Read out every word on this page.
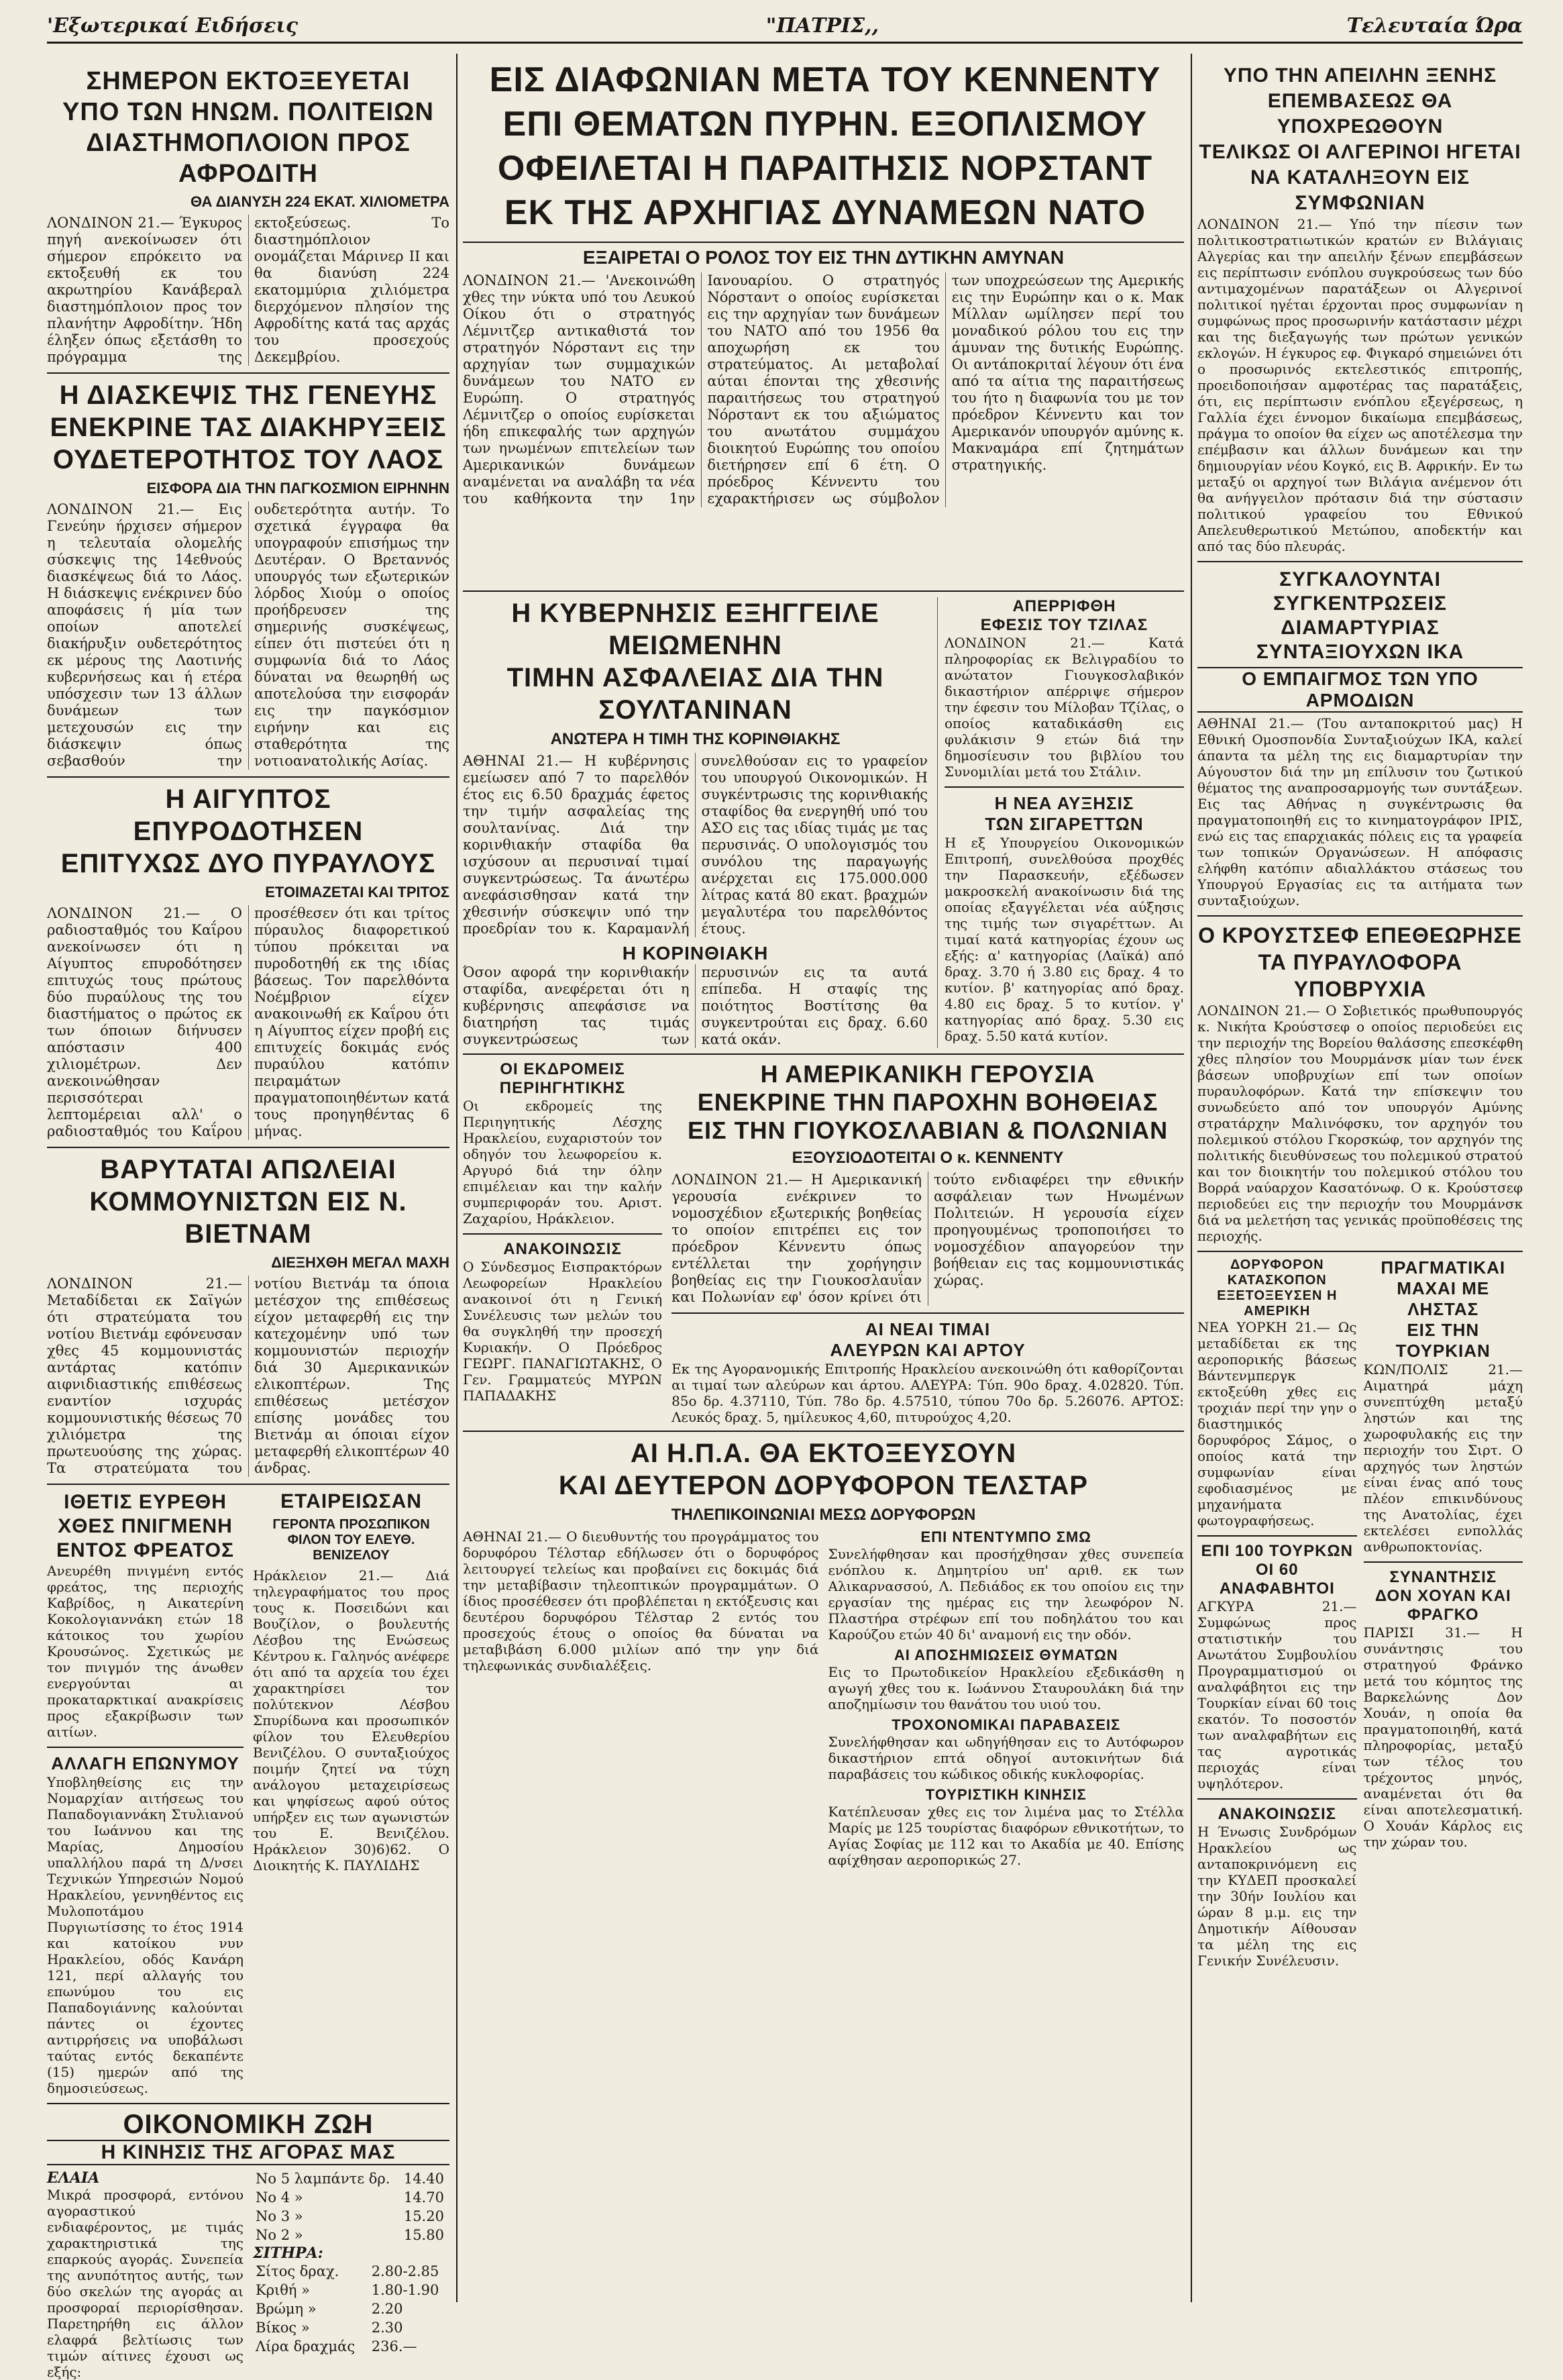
'Εξωτερικαί Ειδήσεις	"ΠΑΤΡΙΣ,,	Τελευταία Ώρα
ΣΗΜΕΡΟΝ ΕΚΤΟΞΕΥΕΤΑΙ
ΥΠΟ ΤΩΝ ΗΝΩΜ. ΠΟΛΙΤΕΙΩΝ
ΔΙΑΣΤΗΜΟΠΛΟΙΟΝ ΠΡΟΣ ΑΦΡΟΔΙΤΗ
ΘΑ ΔΙΑΝΥΣΗ 224 ΕΚΑΤ. ΧΙΛΙΟΜΕΤΡΑ
ΛΟΝΔΙΝΟΝ 21.— Έγκυρος πηγή ανεκοίνωσεν ότι σήμερον επρόκειτο να εκτοξευθή εκ του ακρωτηρίου Κανάβεραλ διαστημόπλοιον προς τον πλανήτην Αφροδίτην. Ήδη έληξεν όπως εξετάσθη το πρόγραμμα της εκτοξεύσεως. Το διαστημόπλοιον ονομάζεται Μάρινερ ΙΙ και θα διανύση 224 εκατομμύρια χιλιόμετρα διερχόμενον πλησίον της Αφροδίτης κατά τας αρχάς του προσεχούς Δεκεμβρίου.
Η ΔΙΑΣΚΕΨΙΣ ΤΗΣ ΓΕΝΕΥΗΣ
ΕΝΕΚΡΙΝΕ ΤΑΣ ΔΙΑΚΗΡΥΞΕΙΣ
ΟΥΔΕΤΕΡΟΤΗΤΟΣ ΤΟΥ ΛΑΟΣ
ΕΙΣΦΟΡΑ ΔΙΑ ΤΗΝ ΠΑΓΚΟΣΜΙΟΝ ΕΙΡΗΝΗΝ
ΛΟΝΔΙΝΟΝ 21.— Εις Γενεύην ήρχισεν σήμερον η τελευταία ολομελής σύσκεψις της 14εθνούς διασκέψεως διά το Λάος. Η διάσκεψις ενέκρινεν δύο αποφάσεις ή μία των οποίων αποτελεί διακήρυξιν ουδετερότητος εκ μέρους της Λαοτινής κυβερνήσεως και ή ετέρα υπόσχεσιν των 13 άλλων δυνάμεων των μετεχουσών εις την διάσκεψιν όπως σεβασθούν την ουδετερότητα αυτήν. Το σχετικά έγγραφα θα υπογραφούν επισήμως την Δευτέραν. Ο Βρεταννός υπουργός των εξωτερικών λόρδος Χιούμ ο οποίος προήδρευσεν της σημερινής συσκέψεως, είπεν ότι πιστεύει ότι η συμφωνία διά το Λάος δύναται να θεωρηθή ως αποτελούσα την εισφοράν εις την παγκόσμιον ειρήνην και εις σταθερότητα της νοτιοανατολικής Ασίας.
Η ΑΙΓΥΠΤΟΣ ΕΠΥΡΟΔΟΤΗΣΕΝ
ΕΠΙΤΥΧΩΣ ΔΥΟ ΠΥΡΑΥΛΟΥΣ
ΕΤΟΙΜΑΖΕΤΑΙ ΚΑΙ ΤΡΙΤΟΣ
ΛΟΝΔΙΝΟΝ 21.— Ο ραδιοσταθμός του Καΐρου ανεκοίνωσεν ότι η Αίγυπτος επυροδότησεν επιτυχώς τους πρώτους δύο πυραύλους της του διαστήματος ο πρώτος εκ των όποιων διήνυσεν απόστασιν 400 χιλιομέτρων. Δεν ανεκοινώθησαν περισσότεραι λεπτομέρειαι αλλ' ο ραδιοσταθμός του Καΐρου προσέθεσεν ότι και τρίτος πύραυλος διαφορετικού τύπου πρόκειται να πυροδοτηθή εκ της ιδίας βάσεως. Τον παρελθόντα Νοέμβριον είχεν ανακοινωθή εκ Καΐρου ότι η Αίγυπτος είχεν προβή εις επιτυχείς δοκιμάς ενός πυραύλου κατόπιν πειραμάτων πραγματοποιηθέντων κατά τους προηγηθέντας 6 μήνας.
ΒΑΡΥΤΑΤΑΙ ΑΠΩΛΕΙΑΙ
ΚΟΜΜΟΥΝΙΣΤΩΝ ΕΙΣ Ν. ΒΙΕΤΝΑΜ
ΔΙΕΞΗΧΘΗ ΜΕΓΑΛ ΜΑΧΗ
ΛΟΝΔΙΝΟΝ 21.— Μεταδίδεται εκ Σαϊγών ότι στρατεύματα του νοτίου Βιετνάμ εφόνευσαν χθες 45 κομμουνιστάς αντάρτας κατόπιν αιφνιδιαστικής επιθέσεως εναντίον ισχυράς κομμουνιστικής θέσεως 70 χιλιόμετρα της πρωτευούσης της χώρας. Τα στρατεύματα του νοτίου Βιετνάμ τα όποια μετέσχον της επιθέσεως είχον μεταφερθή εις την κατεχομένην υπό των κομμουνιστών περιοχήν διά 30 Αμερικανικών ελικοπτέρων. Της επιθέσεως μετέσχον επίσης μονάδες του Βιετνάμ αι όποιαι είχον μεταφερθή ελικοπτέρων 40 άνδρας.
ΙΘΕΤΙΣ ΕΥΡΕΘΗ
ΧΘΕΣ ΠΝΙΓΜΕΝΗ
ΕΝΤΟΣ ΦΡΕΑΤΟΣ
Ανευρέθη πνιγμένη εντός φρεάτος, της περιοχής Καβρίδος, η Αικατερίνη Κοκολογιαννάκη ετών 18 κάτοικος του χωρίου Κρουσώνος. Σχετικώς με τον πνιγμόν της άνωθεν ενεργούνται αι προκαταρκτικαί ανακρίσεις προς εξακρίβωσιν των αιτίων.
ΑΛΛΑΓΗ ΕΠΩΝΥΜΟΥ
Υποβληθείσης εις την Νομαρχίαν αιτήσεως του Παπαδογιαννάκη Στυλιανού του Ιωάννου και της Μαρίας, Δημοσίου υπαλλήλου παρά τη Δ/νσει Τεχνικών Υπηρεσιών Νομού Ηρακλείου, γεννηθέντος εις Μυλοποτάμου Πυργιωτίσσης το έτος 1914 και κατοίκου νυν Ηρακλείου, οδός Κανάρη 121, περί αλλαγής του επωνύμου του εις Παπαδογιάννης καλούνται πάντες οι έχοντες αντιρρήσεις να υποβάλωσι ταύτας εντός δεκαπέντε (15) ημερών από της δημοσιεύσεως.
ΕΤΑΙΡΕΙΩΣΑΝ
ΓΕΡΟΝΤΑ ΠΡΟΣΩΠΙΚΟΝ ΦΙΛΟΝ ΤΟΥ ΕΛΕΥΘ. ΒΕΝΙΖΕΛΟΥ
Ηράκλειον 21.— Διά τηλεγραφήματος του προς τους κ. Ποσειδώνι και Βουζίλον, ο βουλευτής Λέσβου της Ενώσεως Κέντρου κ. Γαληνός ανέφερε ότι από τα αρχεία του έχει χαρακτηρίσει τον πολύτεκνον Λέσβου Σπυρίδωνα και προσωπικόν φίλον του Ελευθερίου Βενιζέλου. Ο συνταξιούχος ποιμήν ζητεί να τύχη ανάλογου μεταχειρίσεως και ψηφίσεως αφού ούτος υπήρξεν εις των αγωνιστών του Ε. Βενιζέλου. Ηράκλειον 30)6)62. Ο Διοικητής Κ. ΠΑΥΛΙΔΗΣ
ΟΙΚΟΝΟΜΙΚΗ ΖΩΗ
Η ΚΙΝΗΣΙΣ ΤΗΣ ΑΓΟΡΑΣ ΜΑΣ
ΕΛΑΙΑ
Μικρά προσφορά, εντόνου αγοραστικού ενδιαφέροντος, με τιμάς χαρακτηριστικά της επαρκούς αγοράς. Συνεπεία της ανυπότητος αυτής, των δύο σκελών της αγοράς αι προσφοραί περιορίσθησαν. Παρετηρήθη εις άλλον ελαφρά βελτίωσις των τιμών αίτινες έχουσι ως εξής:
Νο 5 λαμπάντε δρ.	14.40
Νο 4 »	14.70
Νο 3 »	15.20
Νο 2 »	15.80
ΣΙΤΗΡΑ:
Σίτος δραχ.	2.80-2.85
Κριθή »	1.80-1.90
Βρώμη »	2.20
Βίκος »	2.30
Λίρα δραχμάς	236.—
ΕΙΣ ΔΙΑΦΩΝΙΑΝ ΜΕΤΑ ΤΟΥ ΚΕΝΝΕΝΤΥ
ΕΠΙ ΘΕΜΑΤΩΝ ΠΥΡΗΝ. ΕΞΟΠΛΙΣΜΟΥ
ΟΦΕΙΛΕΤΑΙ Η ΠΑΡΑΙΤΗΣΙΣ ΝΟΡΣΤΑΝΤ
ΕΚ ΤΗΣ ΑΡΧΗΓΙΑΣ ΔΥΝΑΜΕΩΝ ΝΑΤΟ
ΕΞΑΙΡΕΤΑΙ Ο ΡΟΛΟΣ ΤΟΥ ΕΙΣ ΤΗΝ ΔΥΤΙΚΗΝ ΑΜΥΝΑΝ
ΛΟΝΔΙΝΟΝ 21.— 'Ανεκοινώθη χθες την νύκτα υπό του Λευκού Οίκου ότι ο στρατηγός Λέμνιτζερ αντικαθιστά τον στρατηγόν Νόρσταντ εις την αρχηγίαν των συμμαχικών δυνάμεων του ΝΑΤΟ εν Ευρώπη. Ο στρατηγός Λέμνιτζερ ο οποίος ευρίσκεται ήδη επικεφαλής των αρχηγών των ηνωμένων επιτελείων των Αμερικανικών δυνάμεων αναμένεται να αναλάβη τα νέα του καθήκοντα την 1ην Ιανουαρίου. Ο στρατηγός Νόρσταντ ο οποίος ευρίσκεται εις την αρχηγίαν των δυνάμεων του ΝΑΤΟ από του 1956 θα αποχωρήση εκ του στρατεύματος. Αι μεταβολαί αύται έπονται της χθεσινής παραιτήσεως του στρατηγού Νόρσταντ εκ του αξιώματος του ανωτάτου συμμάχου διοικητού Ευρώπης του οποίου διετήρησεν επί 6 έτη. Ο πρόεδρος Κέννεντυ του εχαρακτήρισεν ως σύμβολον των υποχρεώσεων της Αμερικής εις την Ευρώπην και ο κ. Μακ Μίλλαν ωμίλησεν περί του μοναδικού ρόλου του εις την άμυναν της δυτικής Ευρώπης. Οι αντάποκριταί λέγουν ότι ένα από τα αίτια της παραιτήσεως του ήτο η διαφωνία του με τον πρόεδρον Κέννεντυ και τον Αμερικανόν υπουργόν αμύνης κ. Μακναμάρα επί ζητημάτων στρατηγικής.
Η ΚΥΒΕΡΝΗΣΙΣ ΕΞΗΓΓΕΙΛΕ ΜΕΙΩΜΕΝΗΝ
ΤΙΜΗΝ ΑΣΦΑΛΕΙΑΣ ΔΙΑ ΤΗΝ ΣΟΥΛΤΑΝΙΝΑΝ
ΑΝΩΤΕΡΑ Η ΤΙΜΗ ΤΗΣ ΚΟΡΙΝΘΙΑΚΗΣ
ΑΘΗΝΑΙ 21.— Η κυβέρνησις εμείωσεν από 7 το παρελθόν έτος εις 6.50 δραχμάς έφετος την τιμήν ασφαλείας της σουλτανίνας. Διά την κορινθιακήν σταφίδα θα ισχύσουν αι περυσιναί τιμαί συγκεντρώσεως. Τα άνωτέρω ανεφάσισθησαν κατά την χθεσινήν σύσκεψιν υπό την προεδρίαν του κ. Καραμανλή συνελθούσαν εις το γραφείον του υπουργού Οικονομικών. Η συγκέντρωσις της κορινθιακής σταφίδος θα ενεργηθή υπό του ΑΣΟ εις τας ιδίας τιμάς με τας περυσινάς. Ο υπολογισμός του συνόλου της παραγωγής ανέρχεται εις 175.000.000 λίτρας κατά 80 εκατ. βραχμών μεγαλυτέρα του παρελθόντος έτους.
Η ΚΟΡΙΝΘΙΑΚΗ
Όσον αφορά την κορινθιακήν σταφίδα, ανεφέρεται ότι η κυβέρνησις απεφάσισε να διατηρήση τας τιμάς συγκεντρώσεως των περυσινών εις τα αυτά επίπεδα. Η σταφίς της ποιότητος Βοστίτσης θα συγκεντρούται εις δραχ. 6.60 κατά οκάν.
ΑΠΕΡΡΙΦΘΗ
ΕΦΕΣΙΣ ΤΟΥ ΤΖΙΛΑΣ
ΛΟΝΔΙΝΟΝ 21.— Κατά πληροφορίας εκ Βελιγραδίου το ανώτατον Γιουγκοσλαβικόν δικαστήριον απέρριψε σήμερον την έφεσιν του Μίλοβαν Τζίλας, ο οποίος καταδικάσθη εις φυλάκισιν 9 ετών διά την δημοσίευσιν του βιβλίου του Συνομιλίαι μετά του Στάλιν.
Η ΝΕΑ ΑΥΞΗΣΙΣ
ΤΩΝ ΣΙΓΑΡΕΤΤΩΝ
Η εξ Υπουργείου Οικονομικών Επιτροπή, συνελθούσα προχθές την Παρασκευήν, εξέδωσεν μακροσκελή ανακοίνωσιν διά της οποίας εξαγγέλεται νέα αύξησις της τιμής των σιγαρέττων. Αι τιμαί κατά κατηγορίας έχουν ως εξής: α' κατηγορίας (Λαϊκά) από δραχ. 3.70 ή 3.80 εις δραχ. 4 το κυτίον. β' κατηγορίας από δραχ. 4.80 εις δραχ. 5 το κυτίον. γ' κατηγορίας από δραχ. 5.30 εις δραχ. 5.50 κατά κυτίον.
ΟΙ ΕΚΔΡΟΜΕΙΣ
ΠΕΡΙΗΓΗΤΙΚΗΣ
Οι εκδρομείς της Περιηγητικής Λέσχης Ηρακλείου, ευχαριστούν τον οδηγόν του λεωφορείου κ. Αργυρό διά την όλην επιμέλειαν και την καλήν συμπεριφοράν του. Αριστ. Ζαχαρίου, Ηράκλειον.
ΑΝΑΚΟΙΝΩΣΙΣ
Ο Σύνδεσμος Εισπρακτόρων Λεωφορείων Ηρακλείου ανακοινοί ότι η Γενική Συνέλευσις των μελών του θα συγκληθή την προσεχή Κυριακήν. Ο Πρόεδρος ΓΕΩΡΓ. ΠΑΝΑΓΙΩΤΑΚΗΣ, Ο Γεν. Γραμματεύς ΜΥΡΩΝ ΠΑΠΑΔΑΚΗΣ
Η ΑΜΕΡΙΚΑΝΙΚΗ ΓΕΡΟΥΣΙΑ
ΕΝΕΚΡΙΝΕ ΤΗΝ ΠΑΡΟΧΗΝ ΒΟΗΘΕΙΑΣ
ΕΙΣ ΤΗΝ ΓΙΟΥΚΟΣΛΑΒΙΑΝ & ΠΟΛΩΝΙΑΝ
ΕΞΟΥΣΙΟΔΟΤΕΙΤΑΙ Ο κ. ΚΕΝΝΕΝΤΥ
ΛΟΝΔΙΝΟΝ 21.— Η Αμερικανική γερουσία ενέκρινεν το νομοσχέδιον εξωτερικής βοηθείας το οποίον επιτρέπει εις τον πρόεδρον Κέννεντυ όπως εντέλλεται την χορήγησιν βοηθείας εις την Γιουκοσλαυΐαν και Πολωνίαν εφ' όσον κρίνει ότι τούτο ενδιαφέρει την εθνικήν ασφάλειαν των Ηνωμένων Πολιτειών. Η γερουσία είχεν προηγουμένως τροποποιήσει το νομοσχέδιον απαγορεύον την βοήθειαν εις τας κομμουνιστικάς χώρας.
ΑΙ ΝΕΑΙ ΤΙΜΑΙ
ΑΛΕΥΡΩΝ ΚΑΙ ΑΡΤΟΥ
Εκ της Αγορανομικής Επιτροπής Ηρακλείου ανεκοινώθη ότι καθορίζονται αι τιμαί των αλεύρων και άρτου. ΑΛΕΥΡΑ: Τύπ. 90ο δραχ. 4.02820. Τύπ. 85ο δρ. 4.37110, Τύπ. 78ο δρ. 4.57510, τύπου 70ο δρ. 5.26076. ΑΡΤΟΣ: Λευκός δραχ. 5, ημίλευκος 4,60, πιτυρούχος 4,20.
ΑΙ Η.Π.Α. ΘΑ ΕΚΤΟΞΕΥΣΟΥΝ
ΚΑΙ ΔΕΥΤΕΡΟΝ ΔΟΡΥΦΟΡΟΝ ΤΕΛΣΤΑΡ
ΤΗΛΕΠΙΚΟΙΝΩΝΙΑΙ ΜΕΣΩ ΔΟΡΥΦΟΡΩΝ
ΑΘΗΝΑΙ 21.— Ο διευθυντής του προγράμματος του δορυφόρου Τέλσταρ εδήλωσεν ότι ο δορυφόρος λειτουργεί τελείως και προβαίνει εις δοκιμάς διά την μεταβίβασιν τηλεοπτικών προγραμμάτων. Ο ίδιος προσέθεσεν ότι προβλέπεται η εκτόξευσις και δευτέρου δορυφόρου Τέλσταρ 2 εντός του προσεχούς έτους ο οποίος θα δύναται να μεταβιβάση 6.000 μιλίων από την γην διά τηλεφωνικάς συνδιαλέξεις.
ΕΠΙ ΝΤΕΝΤΥΜΠΟ ΣΜΩ
Συνελήφθησαν και προσήχθησαν χθες συνεπεία ενόπλου κ. Δημητρίου υπ' αριθ. εκ των Αλικαρνασσού, Λ. Πεδιάδος εκ του οποίου εις την εργασίαν της ημέρας εις την λεωφόρον Ν. Πλαστήρα στρέφων επί του ποδηλάτου του και Καρούζου ετών 40 δι' αναμονή εις την οδόν.
ΑΙ ΑΠΟΣΗΜΙΩΣΕΙΣ ΘΥΜΑΤΩΝ
Εις το Πρωτοδικείον Ηρακλείου εξεδικάσθη η αγωγή χθες του κ. Ιωάννου Σταυρουλάκη διά την αποζημίωσιν του θανάτου του υιού του.
ΤΡΟΧΟΝΟΜΙΚΑΙ ΠΑΡΑΒΑΣΕΙΣ
Συνελήφθησαν και ωδηγήθησαν εις το Αυτόφωρον δικαστήριον επτά οδηγοί αυτοκινήτων διά παραβάσεις του κώδικος οδικής κυκλοφορίας.
ΤΟΥΡΙΣΤΙΚΗ ΚΙΝΗΣΙΣ
Κατέπλευσαν χθες εις τον λιμένα μας το Στέλλα Μαρίς με 125 τουρίστας διαφόρων εθνικοτήτων, το Αγίας Σοφίας με 112 και το Ακαδία με 40. Επίσης αφίχθησαν αεροπορικώς 27.
ΥΠΟ ΤΗΝ ΑΠΕΙΛΗΝ ΞΕΝΗΣ
ΕΠΕΜΒΑΣΕΩΣ ΘΑ ΥΠΟΧΡΕΩΘΟΥΝ
ΤΕΛΙΚΩΣ ΟΙ ΑΛΓΕΡΙΝΟΙ ΗΓΕΤΑΙ
ΝΑ ΚΑΤΑΛΗΞΟΥΝ ΕΙΣ ΣΥΜΦΩΝΙΑΝ
ΛΟΝΔΙΝΟΝ 21.— Υπό την πίεσιν των πολιτικοστρατιωτικών κρατών εν Βιλάγιαις Αλγερίας και την απειλήν ξένων επεμβάσεων εις περίπτωσιν ενόπλου συγκρούσεως των δύο αντιμαχομένων παρατάξεων οι Αλγερινοί πολιτικοί ηγέται έρχονται προς συμφωνίαν η συμφώνως προς προσωρινήν κατάστασιν μέχρι και της διεξαγωγής των πρώτων γενικών εκλογών. Η έγκυρος εφ. Φιγκαρό σημειώνει ότι ο προσωρινός εκτελεστικός επιτροπής, προειδοποιήσαν αμφοτέρας τας παρατάξεις, ότι, εις περίπτωσιν ενόπλου εξεγέρσεως, η Γαλλία έχει έννομον δικαίωμα επεμβάσεως, πράγμα το οποίον θα είχεν ως αποτέλεσμα την επέμβασιν και άλλων δυνάμεων και την δημιουργίαν νέου Κογκό, εις Β. Αφρικήν. Εν τω μεταξύ οι αρχηγοί των Βιλάγια ανέμενον ότι θα ανήγγειλον πρότασιν διά την σύστασιν πολιτικού γραφείου του Εθνικού Απελευθερωτικού Μετώπου, αποδεκτήν και από τας δύο πλευράς.
ΣΥΓΚΑΛΟΥΝΤΑΙ ΣΥΓΚΕΝΤΡΩΣΕΙΣ
ΔΙΑΜΑΡΤΥΡΙΑΣ ΣΥΝΤΑΞΙΟΥΧΩΝ ΙΚΑ
Ο ΕΜΠΑΙΓΜΟΣ ΤΩΝ ΥΠΟ ΑΡΜΟΔΙΩΝ
ΑΘΗΝΑΙ 21.— (Του ανταποκριτού μας) Η Εθνική Ομοσπονδία Συνταξιούχων ΙΚΑ, καλεί άπαντα τα μέλη της εις διαμαρτυρίαν την Αύγουστον διά την μη επίλυσιν του ζωτικού θέματος της αναπροσαρμογής των συντάξεων. Εις τας Αθήνας η συγκέντρωσις θα πραγματοποιηθή εις το κινηματογράφον ΙΡΙΣ, ενώ εις τας επαρχιακάς πόλεις εις τα γραφεία των τοπικών Οργανώσεων. Η απόφασις ελήφθη κατόπιν αδιαλλάκτου στάσεως του Υπουργού Εργασίας εις τα αιτήματα των συνταξιούχων.
Ο ΚΡΟΥΣΤΣΕΦ ΕΠΕΘΕΩΡΗΣΕ
ΤΑ ΠΥΡΑΥΛΟΦΟΡΑ ΥΠΟΒΡΥΧΙΑ
ΛΟΝΔΙΝΟΝ 21.— Ο Σοβιετικός πρωθυπουργός κ. Νικήτα Κρούστσεφ ο οποίος περιοδεύει εις την περιοχήν της Βορείου θαλάσσης επεσκέφθη χθες πλησίον του Μουρμάνσκ μίαν των ένεκ βάσεων υποβρυχίων επί των οποίων πυραυλοφόρων. Κατά την επίσκεψιν του συνωδεύετο από τον υπουργόν Αμύνης στρατάρχην Μαλινόφσκυ, τον αρχηγόν του πολεμικού στόλου Γκορσκώφ, τον αρχηγόν της πολιτικής διευθύνσεως του πολεμικού στρατού και τον διοικητήν του πολεμικού στόλου του Βορρά ναύαρχον Κασατόνωφ. Ο κ. Κρούστσεφ περιοδεύει εις την περιοχήν του Μουρμάνσκ διά να μελετήση τας γενικάς προϋποθέσεις της περιοχής.
ΔΟΡΥΦΟΡΟΝ ΚΑΤΑΣΚΟΠΟΝ
ΕΞΕΤΟΞΕΥΣΕΝ Η ΑΜΕΡΙΚΗ
ΝΕΑ ΥΟΡΚΗ 21.— Ως μεταδίδεται εκ της αεροπορικής βάσεως Βάντενμπεργκ εκτοξεύθη χθες εις τροχιάν περί την γην ο διαστημικός δορυφόρος Σάμος, ο οποίος κατά την συμφωνίαν είναι εφοδιασμένος με μηχανήματα φωτογραφήσεως.
ΕΠΙ 100 ΤΟΥΡΚΩΝ
ΟΙ 60 ΑΝΑΦΑΒΗΤΟΙ
ΑΓΚΥΡΑ 21.— Συμφώνως προς στατιστικήν του Ανωτάτου Συμβουλίου Προγραμματισμού οι αναλφάβητοι εις την Τουρκίαν είναι 60 τοις εκατόν. Το ποσοστόν των αναλφαβήτων εις τας αγροτικάς περιοχάς είναι υψηλότερον.
ΑΝΑΚΟΙΝΩΣΙΣ
Η Ένωσις Συνδρόμων Ηρακλείου ως ανταποκρινόμενη εις την ΚΥΔΕΠ προσκαλεί την 30ήν Ιουλίου και ώραν 8 μ.μ. εις την Δημοτικήν Αίθουσαν τα μέλη της εις Γενικήν Συνέλευσιν.
ΠΡΑΓΜΑΤΙΚΑΙ
ΜΑΧΑΙ ΜΕ ΛΗΣΤΑΣ
ΕΙΣ ΤΗΝ ΤΟΥΡΚΙΑΝ
ΚΩΝ/ΠΟΛΙΣ 21.— Αιματηρά μάχη συνεπτύχθη μεταξύ ληστών και της χωροφυλακής εις την περιοχήν του Σιρτ. Ο αρχηγός των ληστών είναι ένας από τους πλέον επικινδύνους της Ανατολίας, έχει εκτελέσει ενπολλάς ανθρωποκτονίας.
ΣΥΝΑΝΤΗΣΙΣ
ΔΟΝ ΧΟΥΑΝ ΚΑΙ ΦΡΑΓΚΟ
ΠΑΡΙΣΙ 31.— Η συνάντησις του στρατηγού Φράνκο μετά του κόμητος της Βαρκελώνης Δον Χουάν, η οποία θα πραγματοποιηθή, κατά πληροφορίας, μεταξύ των τέλος του τρέχοντος μηνός, αναμένεται ότι θα είναι αποτελεσματική. Ο Χουάν Κάρλος εις την χώραν του.
